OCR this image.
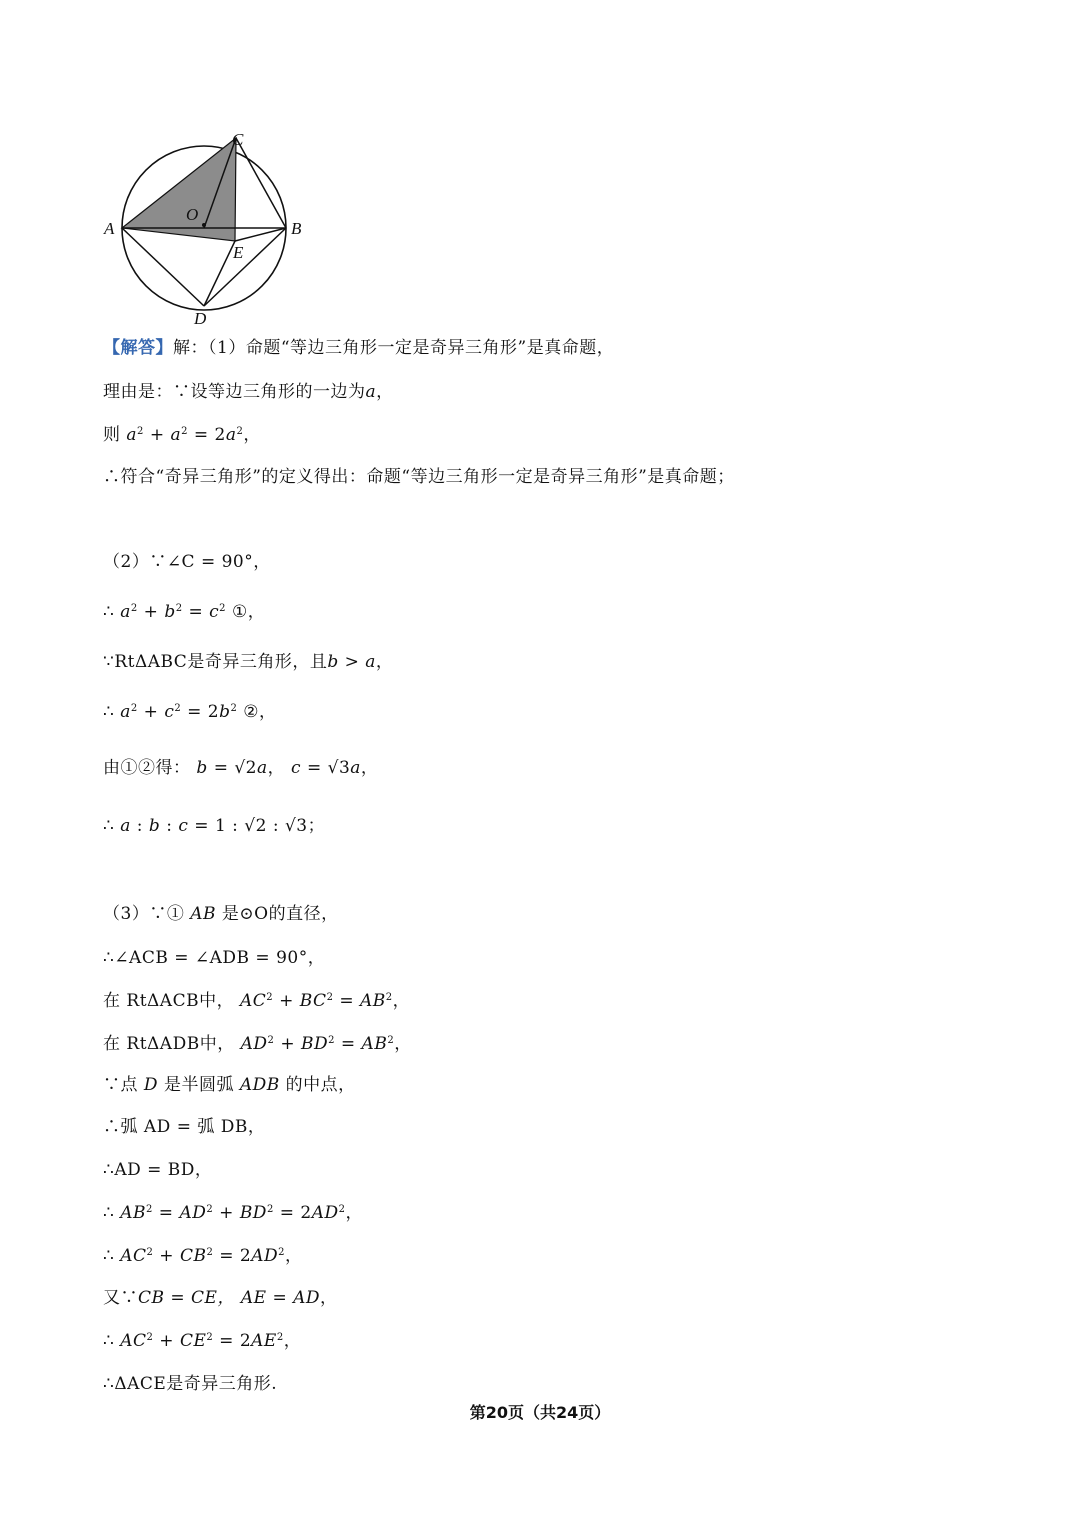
C
A	B
O
E
D
【解答】解：（1）命题“等边三角形一定是奇异三角形”是真命题，
理由是：∵设等边三角形的一边为a，
则 $a^2 + a^2 = 2a^2$，
∴符合“奇异三角形”的定义得出：命题“等边三角形一定是奇异三角形”是真命题；
（2）∵∠C = 90°，
∴ $a^2 + b^2 = c^2$ ①，
∵RtΔABC是奇异三角形，且b > a，
∴ $a^2 + c^2 = 2b^2$ ②，
由①②得： b = √2a， c = √3a，
∴ a : b : c = 1 : √2 : √3；
（3）∵① AB 是⊙O的直径，
∴∠ACB = ∠ADB = 90°，
在 RtΔACB中， $AC^2 + BC^2 = AB^2$，
在 RtΔADB中， $AD^2 + BD^2 = AB^2$，
∵点 D 是半圆弧 ADB 的中点，
∴弧 AD = 弧 DB，
∴AD = BD，
∴ $AB^2 = AD^2 + BD^2 = 2AD^2$，
∴ $AC^2 + CB^2 = 2AD^2$，
又∵CB = CE， AE = AD，
∴ $AC^2 + CE^2 = 2AE^2$，
∴ΔACE是奇异三角形.
第20页（共24页）
